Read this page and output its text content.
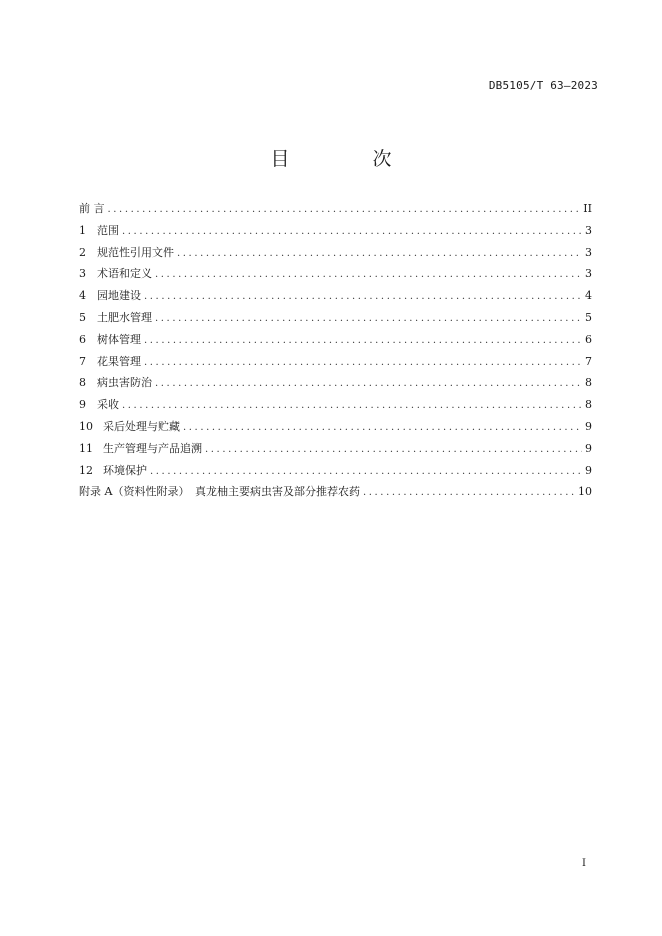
DB5105/T 63—2023
目　次
前 言 .....	II
1	范围 .....	3
2	规范性引用文件 .....	3
3	术语和定义 .....	3
4	园地建设 .....	4
5	土肥水管理 .....	5
6	树体管理 .....	6
7	花果管理 .....	7
8	病虫害防治 .....	8
9	采收 .....	8
10 采后处理与贮藏 .....	9
11 生产管理与产品追溯 .....	9
12 环境保护 .....	9
附录 A（资料性附录）　真龙柚主要病虫害及部分推荐农药 .....	10
I
